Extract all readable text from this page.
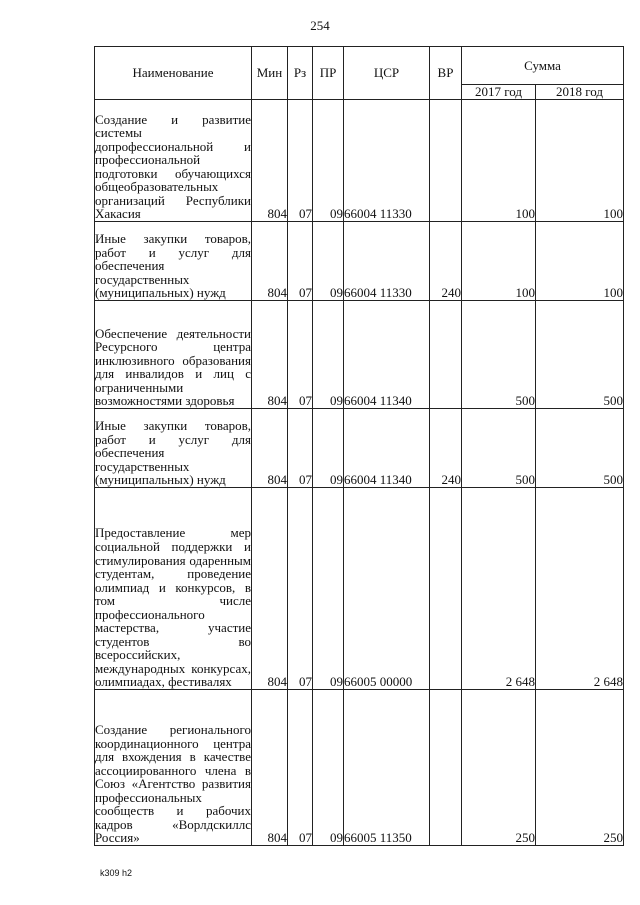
254
Наименование	Мин	Рз	ПР	ЦСР	ВР	Сумма	
						2017 год	2018 год
Создание и развитие системы допрофессиональной и профессиональной подготовки обучающихся общеобразовательных организаций Республики Хакасия	804	07	09	66004 11330		100	100
Иные закупки товаров, работ и услуг для обеспечения государственных (муниципальных) нужд	804	07	09	66004 11330	240	100	100
Обеспечение деятельности Ресурсного центра инклюзивного образования для инвалидов и лиц с ограниченными возможностями здоровья	804	07	09	66004 11340		500	500
Иные закупки товаров, работ и услуг для обеспечения государственных (муниципальных) нужд	804	07	09	66004 11340	240	500	500
Предоставление мер социальной поддержки и стимулирования одаренным студентам, проведение олимпиад и конкурсов, в том числе профессионального мастерства, участие студентов во всероссийских, международных конкурсах, олимпиадах, фестивалях	804	07	09	66005 00000		2 648	2 648
Создание регионального координационного центра для вхождения в качестве ассоциированного члена в Союз «Агентство развития профессиональных сообществ и рабочих кадров «Ворлдскиллс Россия»	804	07	09	66005 11350		250	250
k309 h2
